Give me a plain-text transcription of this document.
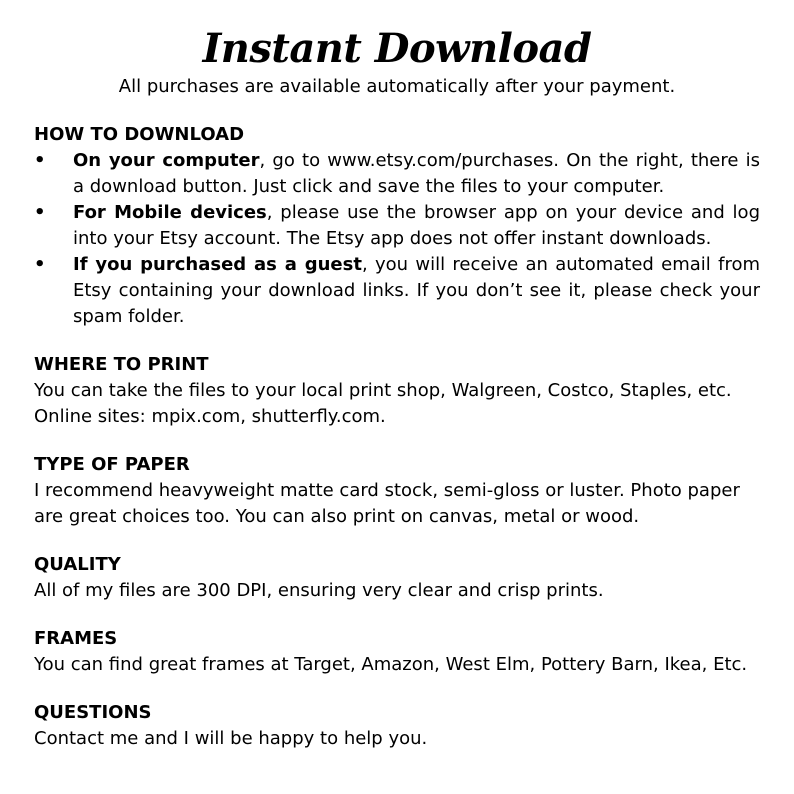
Instant Download

All purchases are available automatically after your payment.

HOW TO DOWNLOAD

• On your computer, go to www.etsy.com/purchases. On the right, there is a download button. Just click and save the files to your computer.
• For Mobile devices, please use the browser app on your device and log into your Etsy account. The Etsy app does not offer instant downloads.
• If you purchased as a guest, you will receive an automated email from Etsy containing your download links. If you don’t see it, please check your spam folder.

WHERE TO PRINT

You can take the files to your local print shop, Walgreen, Costco, Staples, etc.

Online sites: mpix.com, shutterfly.com.

TYPE OF PAPER

I recommend heavyweight matte card stock, semi-gloss or luster. Photo paper are great choices too. You can also print on canvas, metal or wood.

QUALITY

All of my files are 300 DPI, ensuring very clear and crisp prints.

FRAMES

You can find great frames at Target, Amazon, West Elm, Pottery Barn, Ikea, Etc.

QUESTIONS

Contact me and I will be happy to help you.
